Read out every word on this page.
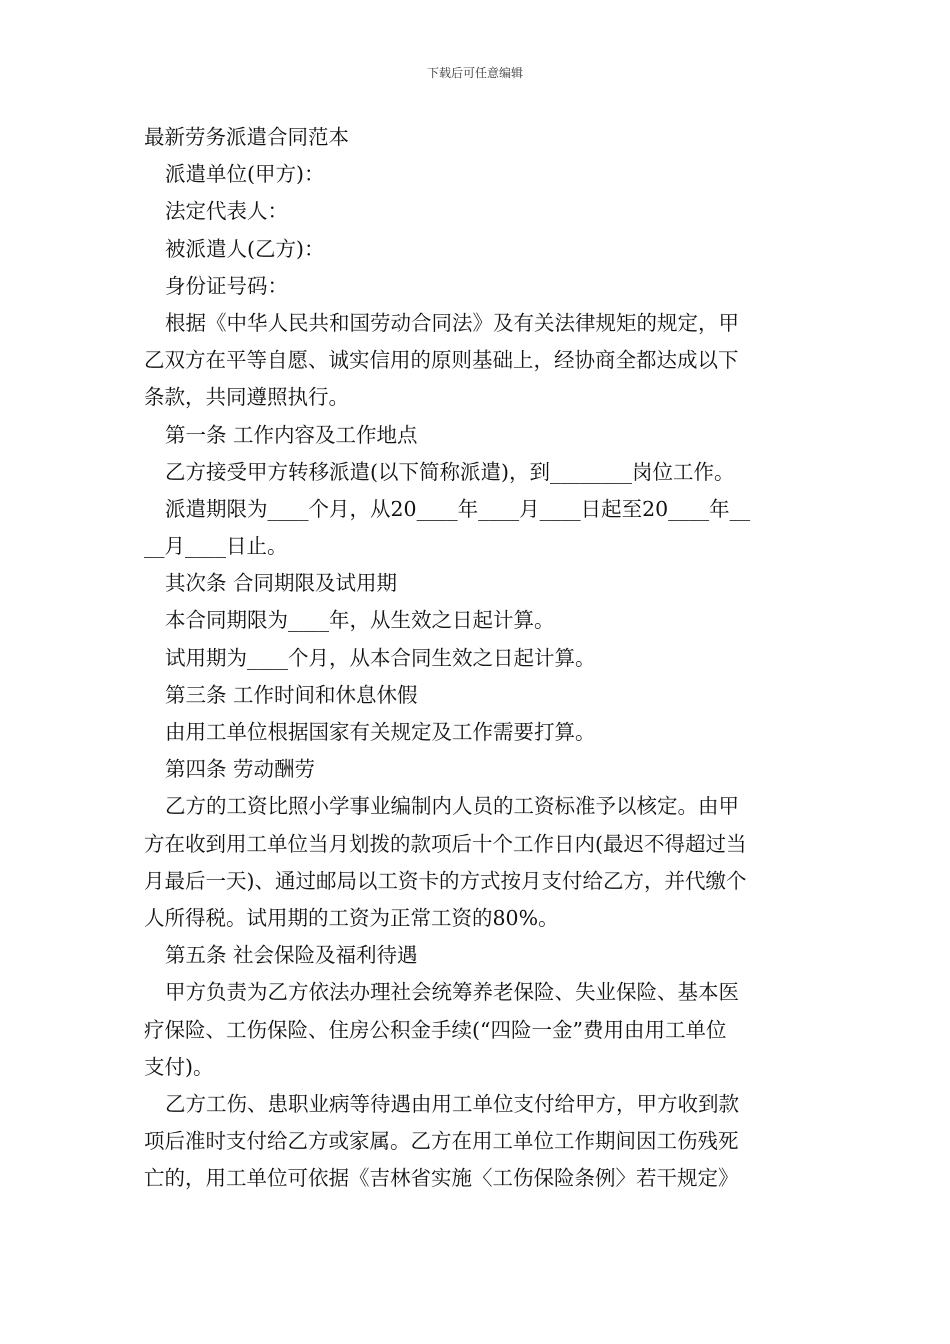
下载后可任意编辑
最新劳务派遣合同范本
派遣单位(甲方)：
法定代表人：
被派遣人(乙方)：
身份证号码：
根据《中华人民共和国劳动合同法》及有关法律规矩的规定，甲
乙双方在平等自愿、诚实信用的原则基础上，经协商全都达成以下
条款，共同遵照执行。
第一条 工作内容及工作地点
乙方接受甲方转移派遣(以下简称派遣)，到________岗位工作。
派遣期限为____个月，从20____年____月____日起至20____年__
__月____日止。
其次条 合同期限及试用期
本合同期限为____年，从生效之日起计算。
试用期为____个月，从本合同生效之日起计算。
第三条 工作时间和休息休假
由用工单位根据国家有关规定及工作需要打算。
第四条 劳动酬劳
乙方的工资比照小学事业编制内人员的工资标准予以核定。由甲
方在收到用工单位当月划拨的款项后十个工作日内(最迟不得超过当
月最后一天)、通过邮局以工资卡的方式按月支付给乙方，并代缴个
人所得税。试用期的工资为正常工资的80%。
第五条 社会保险及福利待遇
甲方负责为乙方依法办理社会统筹养老保险、失业保险、基本医
疗保险、工伤保险、住房公积金手续(“四险一金”费用由用工单位
支付)。
乙方工伤、患职业病等待遇由用工单位支付给甲方，甲方收到款
项后准时支付给乙方或家属。乙方在用工单位工作期间因工伤残死
亡的，用工单位可依据《吉林省实施〈工伤保险条例〉若干规定》
